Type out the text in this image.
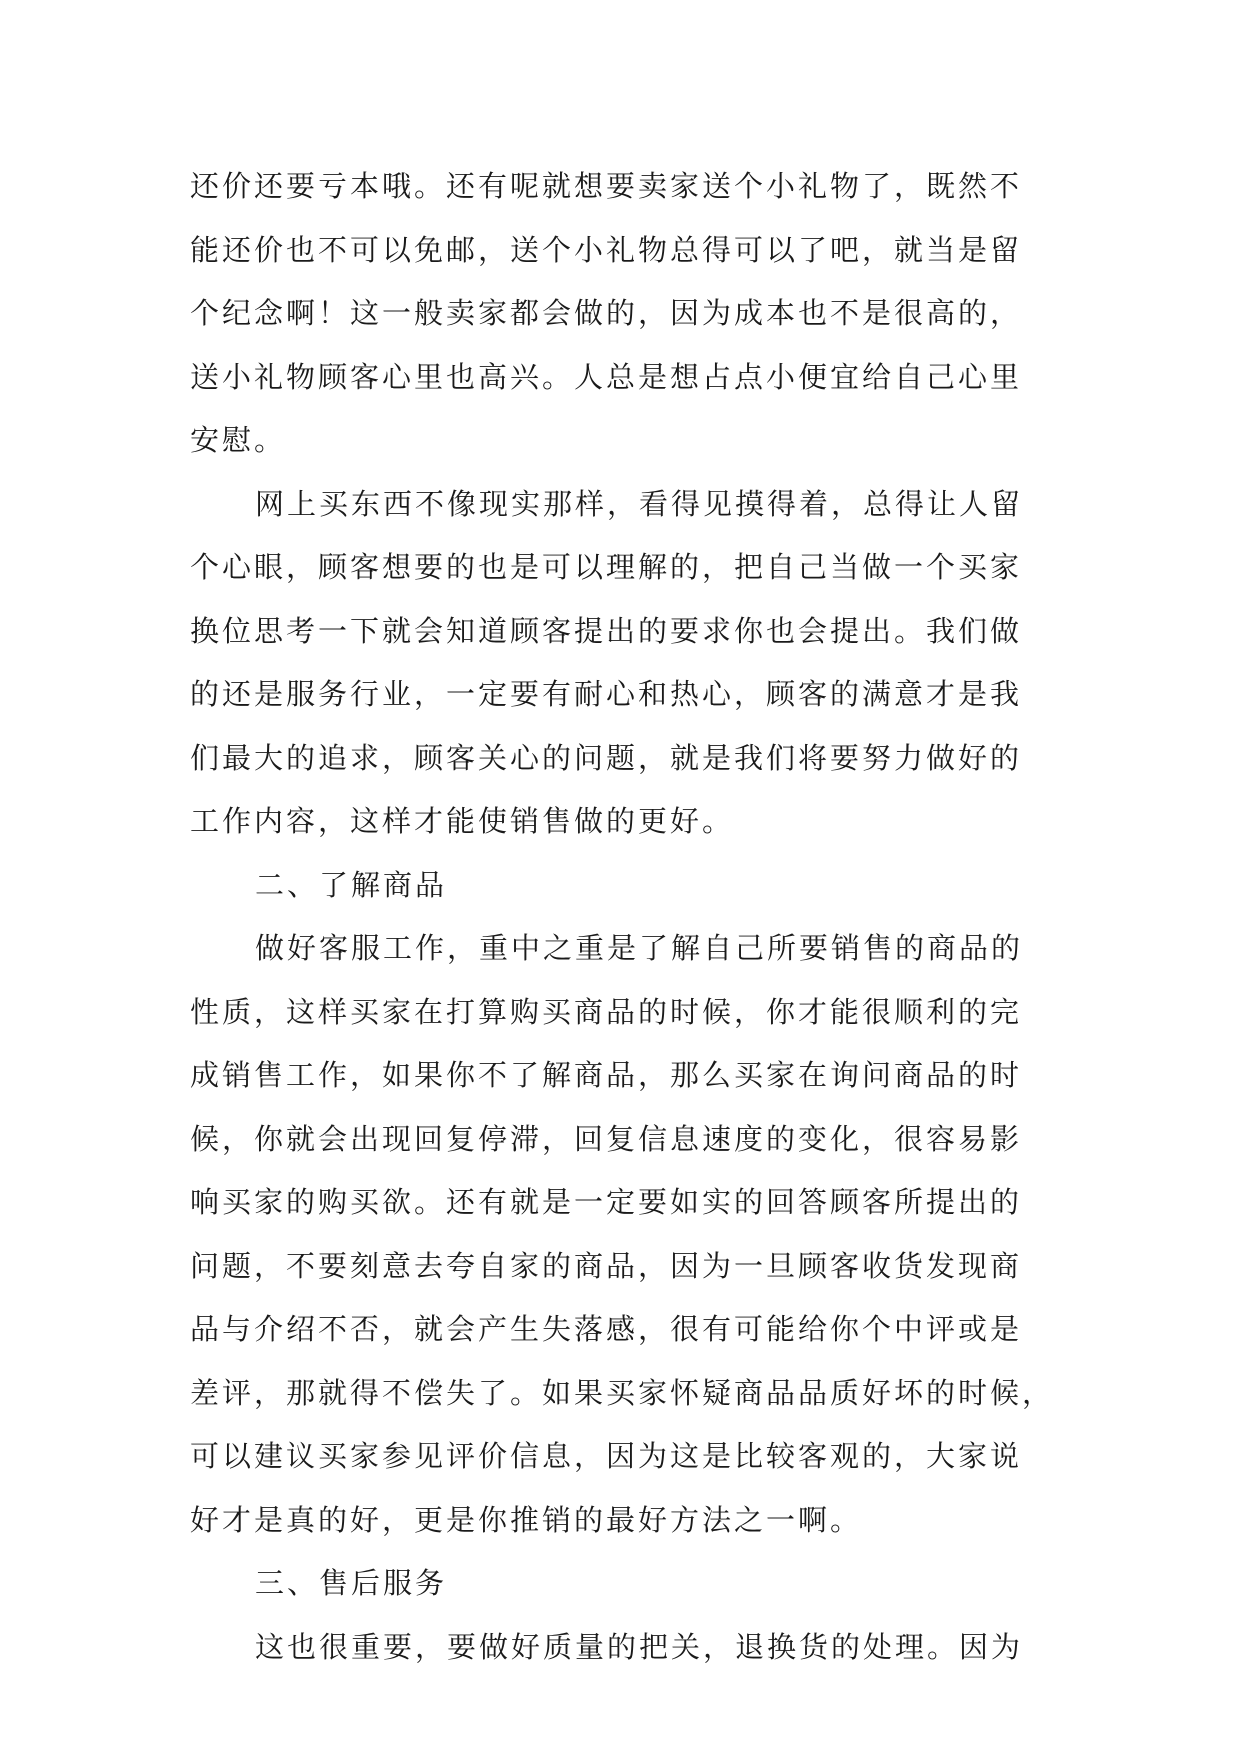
还价还要亏本哦。还有呢就想要卖家送个小礼物了，既然不
能还价也不可以免邮，送个小礼物总得可以了吧，就当是留
个纪念啊！这一般卖家都会做的，因为成本也不是很高的，
送小礼物顾客心里也高兴。人总是想占点小便宜给自己心里
安慰。
网上买东西不像现实那样，看得见摸得着，总得让人留
个心眼，顾客想要的也是可以理解的，把自己当做一个买家
换位思考一下就会知道顾客提出的要求你也会提出。我们做
的还是服务行业，一定要有耐心和热心，顾客的满意才是我
们最大的追求，顾客关心的问题，就是我们将要努力做好的
工作内容，这样才能使销售做的更好。
二、了解商品
做好客服工作，重中之重是了解自己所要销售的商品的
性质，这样买家在打算购买商品的时候，你才能很顺利的完
成销售工作，如果你不了解商品，那么买家在询问商品的时
候，你就会出现回复停滞，回复信息速度的变化，很容易影
响买家的购买欲。还有就是一定要如实的回答顾客所提出的
问题，不要刻意去夸自家的商品，因为一旦顾客收货发现商
品与介绍不否，就会产生失落感，很有可能给你个中评或是
差评，那就得不偿失了。如果买家怀疑商品品质好坏的时候，
可以建议买家参见评价信息，因为这是比较客观的，大家说
好才是真的好，更是你推销的最好方法之一啊。
三、售后服务
这也很重要，要做好质量的把关，退换货的处理。因为
